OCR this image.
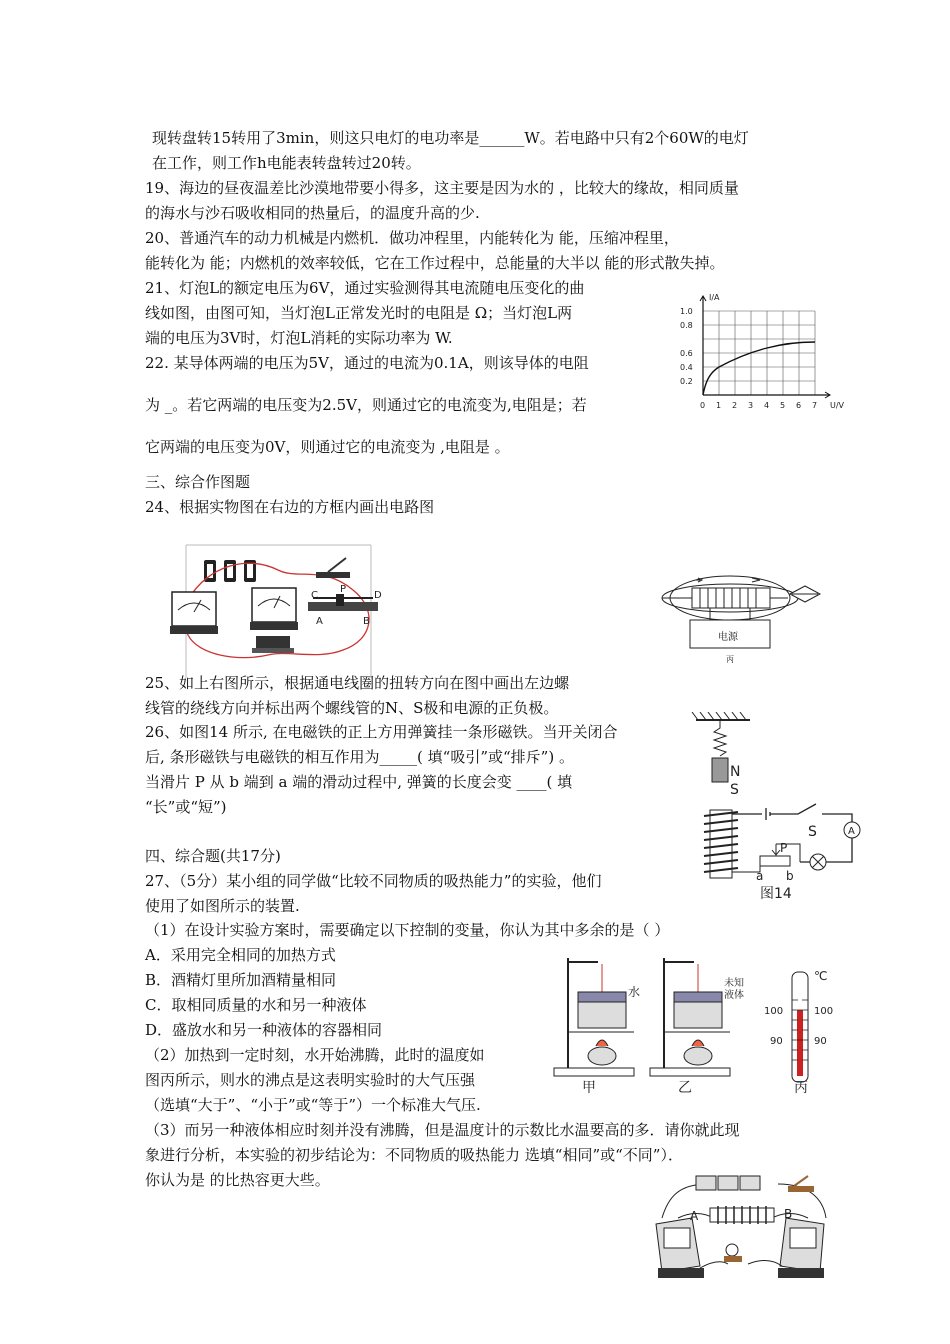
现转盘转15转用了3min，则这只电灯的电功率是______W。若电路中只有2个60W的电灯
在工作，则工作h电能表转盘转过20转。
19、海边的昼夜温差比沙漠地带要小得多，这主要是因为水的 ，比较大的缘故，相同质量
的海水与沙石吸收相同的热量后，的温度升高的少.
20、普通汽车的动力机械是内燃机．做功冲程里，内能转化为 能，压缩冲程里，
能转化为 能；内燃机的效率较低，它在工作过程中，总能量的大半以 能的形式散失掉。
21、灯泡L的额定电压为6V，通过实验测得其电流随电压变化的曲
线如图，由图可知，当灯泡L正常发光时的电阻是 Ω；当灯泡L两
端的电压为3V时，灯泡L消耗的实际功率为 W.
22. 某导体两端的电压为5V，通过的电流为0.1A，则该导体的电阻
为 _。若它两端的电压变为2.5V，则通过它的电流变为,电阻是；若
它两端的电压变为0V，则通过它的电流变为 ,电阻是 。
三、综合作图题
24、根据实物图在右边的方框内画出电路图
25、如上右图所示，根据通电线圈的扭转方向在图中画出左边螺
线管的绕线方向并标出两个螺线管的N、S极和电源的正负极。
26、如图14 所示, 在电磁铁的正上方用弹簧挂一条形磁铁。当开关闭合
后, 条形磁铁与电磁铁的相互作用为_____( 填“吸引”或“排斥”) 。
当滑片 P 从 b 端到 a 端的滑动过程中, 弹簧的长度会变 ____( 填
“长”或“短”)
四、综合题(共17分)
27、（5分）某小组的同学做“比较不同物质的吸热能力”的实验，他们
使用了如图所示的装置.
（1）在设计实验方案时，需要确定以下控制的变量，你认为其中多余的是（ ）
A．采用完全相同的加热方式
B．酒精灯里所加酒精量相同
C．取相同质量的水和另一种液体
D．盛放水和另一种液体的容器相同
（2）加热到一定时刻，水开始沸腾，此时的温度如
图丙所示，则水的沸点是这表明实验时的大气压强
（选填“大于”、“小于”或“等于”）一个标准大气压.
（3）而另一种液体相应时刻并没有沸腾，但是温度计的示数比水温要高的多．请你就此现
象进行分析，本实验的初步结论为：不同物质的吸热能力 选填“相同”或“不同”）．
你认为是 的比热容更大些。
I/A
U/V
1.0
0.8
0.6
0.4
0.2
0 1 2 3 4 5 6 7
C	D
A	B
P
电源
丙
N
S
S	A
P
a b
图14
水
甲
未知
液体
乙
℃
100
90
100
90
丙
A	B
